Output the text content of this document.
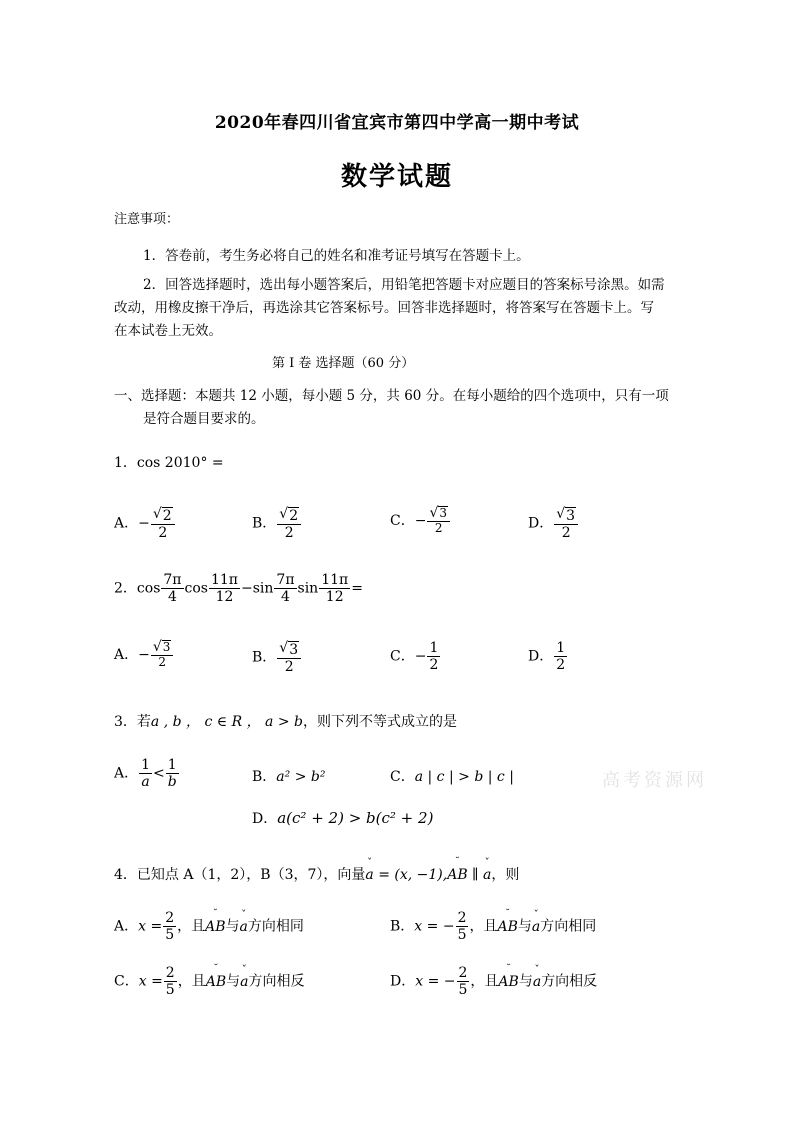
2020年春四川省宜宾市第四中学高一期中考试
数学试题
注意事项：
1．答卷前，考生务必将自己的姓名和准考证号填写在答题卡上。
2．回答选择题时，选出每小题答案后，用铅笔把答题卡对应题目的答案标号涂黑。如需
改动，用橡皮擦干净后，再选涂其它答案标号。回答非选择题时，将答案写在答题卡上。写
在本试卷上无效。
第 I 卷 选择题（60 分）
一、选择题：本题共 12 小题，每小题 5 分，共 60 分。在每小题给的四个选项中，只有一项
是符合题目要求的。
1．cos 2010° =
A．− $\frac{√ 2}{2}$	B． $\frac{√ 2}{2}$	C．− $\frac{√ 3}{2}$	D． $\frac{√ 3}{2}$
2．$\cos \frac{7\pi}{4}$ $\cos \frac{11\pi}{12} -\sin \frac{7\pi}{4}$ $\sin \frac{11\pi}{12}$ =
A．− $\frac{√ 3}{2}$	B． $\frac{√ 3}{2}$	C．− $\frac{1}{2}$	D． $\frac{1}{2}$
3．若a , b ， c ∈ R ， a > b，则下列不等式成立的是
A． $\frac{1}{a} < \frac{1}{b}$	B．a² > b²	C．a | c | > b | c |
D．a(c² + 2) > b(c² + 2)
高考资源网
4．已知点 A（1，2），B（3，7），向量ˇ a = (x, −1),˘ AB ∥ ˇ a，则
A．$x = \frac{2}{5}$ ，且˘ AB与ˇ a方向相同	B．x = − $\frac{2}{5}$ ，且˘ AB与ˇ a方向相同
C．$x = \frac{2}{5}$ ，且˘ AB与ˇ a方向相反	D．x = − $\frac{2}{5}$ ，且˘ AB与ˇ a方向相反
